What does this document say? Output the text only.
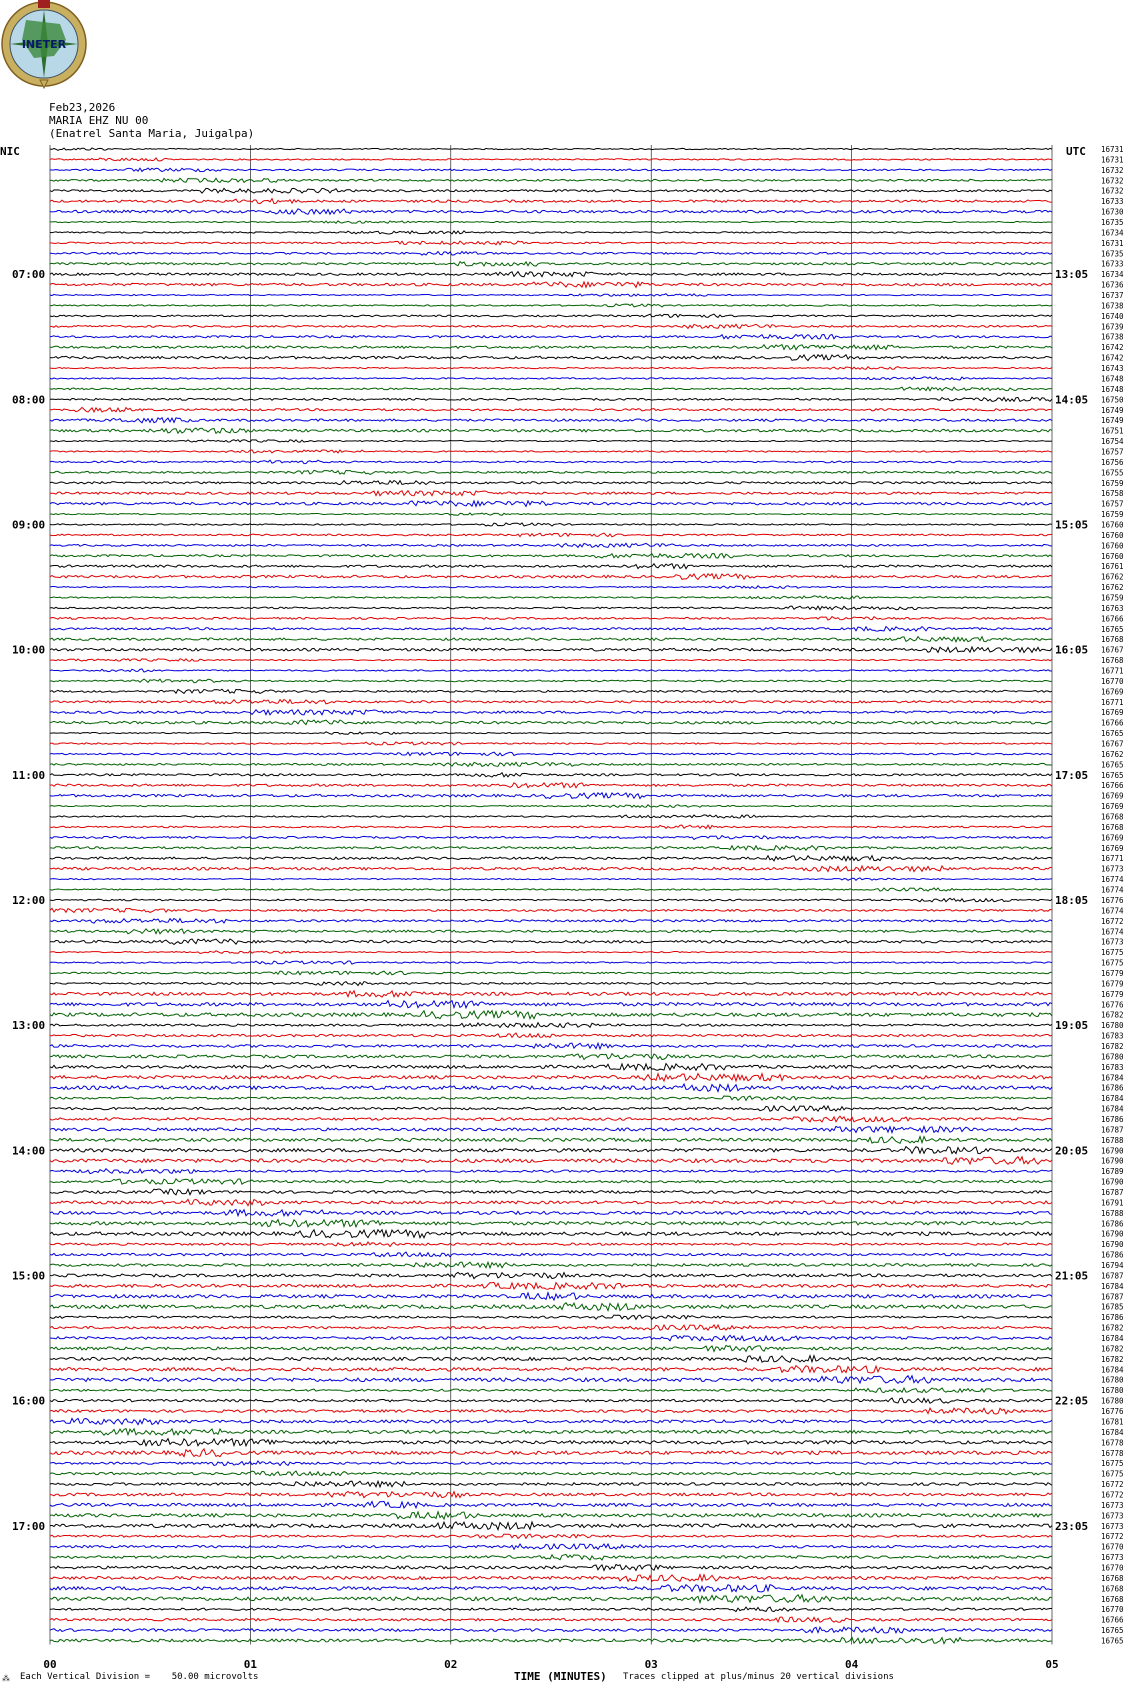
INETER
Feb23,2026
MARIA EHZ NU 00
(Enatrel Santa Maria, Juigalpa)
NIC	UTC
07:00
08:00
09:00
10:00
11:00
12:00
13:00
14:00
15:00
16:00
17:00
13:05
14:05
15:05
16:05
17:05
18:05
19:05
20:05
21:05
22:05
23:05
16731
16731
16732
16732
16732
16733
16730
16735
16734
16731
16735
16733
16734
16736
16737
16738
16740
16739
16738
16742
16742
16743
16748
16748
16750
16749
16749
16751
16754
16757
16756
16755
16759
16758
16757
16759
16760
16760
16760
16760
16761
16762
16762
16759
16763
16766
16765
16768
16767
16768
16771
16770
16769
16771
16769
16766
16765
16767
16762
16765
16765
16766
16769
16769
16768
16768
16769
16769
16771
16773
16774
16774
16776
16774
16772
16774
16773
16775
16775
16779
16779
16779
16776
16782
16780
16783
16782
16780
16783
16784
16786
16784
16784
16786
16787
16788
16790
16790
16789
16790
16787
16791
16788
16786
16790
16790
16786
16794
16787
16784
16787
16785
16786
16782
16784
16782
16782
16784
16780
16780
16780
16776
16781
16784
16778
16778
16775
16775
16772
16772
16773
16773
16773
16772
16770
16773
16770
16768
16768
16768
16770
16766
16765
16765
00	01	02	03	04	05
⁂ Each Vertical Division =    50.00 microvolts	TIME (MINUTES) Traces clipped at plus/minus 20 vertical divisions
